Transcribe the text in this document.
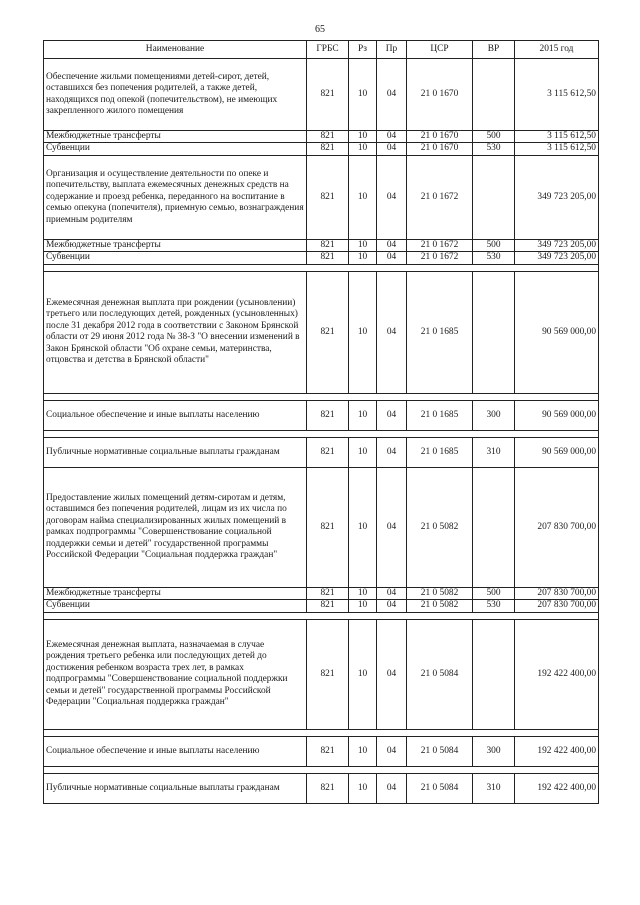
65
Наименование	ГРБС	Рз	Пр	ЦСР	ВР	2015 год
Обеспечение жильми помещениями детей-сирот, детей, оставшихся без попечения родителей, а также детей, находящихся под опекой (попечительством), не имеющих закрепленного жилого помещения	821	10	04	21 0 1670		3 115 612,50
Межбюджетные трансферты	821	10	04	21 0 1670	500	3 115 612,50
Субвенции	821	10	04	21 0 1670	530	3 115 612,50
Организация и осуществление деятельности по опеке и попечительству, выплата ежемесячных денежных средств на содержание и проезд ребенка, переданного на воспитание в семью опекуна (попечителя), приемную семью, вознаграждения приемным родителям	821	10	04	21 0 1672		349 723 205,00
Межбюджетные трансферты	821	10	04	21 0 1672	500	349 723 205,00
Субвенции	821	10	04	21 0 1672	530	349 723 205,00

Ежемесячная денежная выплата при рождении (усыновлении) третьего или последующих детей, рожденных (усыновленных) после 31 декабря 2012 года в соответствии с Законом Брянской области от 29 июня 2012 года № 38-З "О внесении изменений в Закон Брянской области "Об охране семьи, материнства, отцовства и детства в Брянской области"	821	10	04	21 0 1685		90 569 000,00

Социальное обеспечение и иные выплаты населению	821	10	04	21 0 1685	300	90 569 000,00

Публичные нормативные социальные выплаты гражданам	821	10	04	21 0 1685	310	90 569 000,00
Предоставление жилых помещений детям-сиротам и детям, оставшимся без попечения родителей, лицам из их числа по договорам найма специализированных жилых помещений в рамках подпрограммы "Совершенствование социальной поддержки семьи и детей" государственной программы Российской Федерации "Социальная поддержка граждан"	821	10	04	21 0 5082		207 830 700,00
Межбюджетные трансферты	821	10	04	21 0 5082	500	207 830 700,00
Субвенции	821	10	04	21 0 5082	530	207 830 700,00

Ежемесячная денежная выплата, назначаемая в случае рождения третьего ребенка или последующих детей до достижения ребенком возраста трех лет, в рамках подпрограммы "Совершенствование социальной поддержки семьи и детей" государственной программы Российской Федерации "Социальная поддержка граждан"	821	10	04	21 0 5084		192 422 400,00

Социальное обеспечение и иные выплаты населению	821	10	04	21 0 5084	300	192 422 400,00

Публичные нормативные социальные выплаты гражданам	821	10	04	21 0 5084	310	192 422 400,00
